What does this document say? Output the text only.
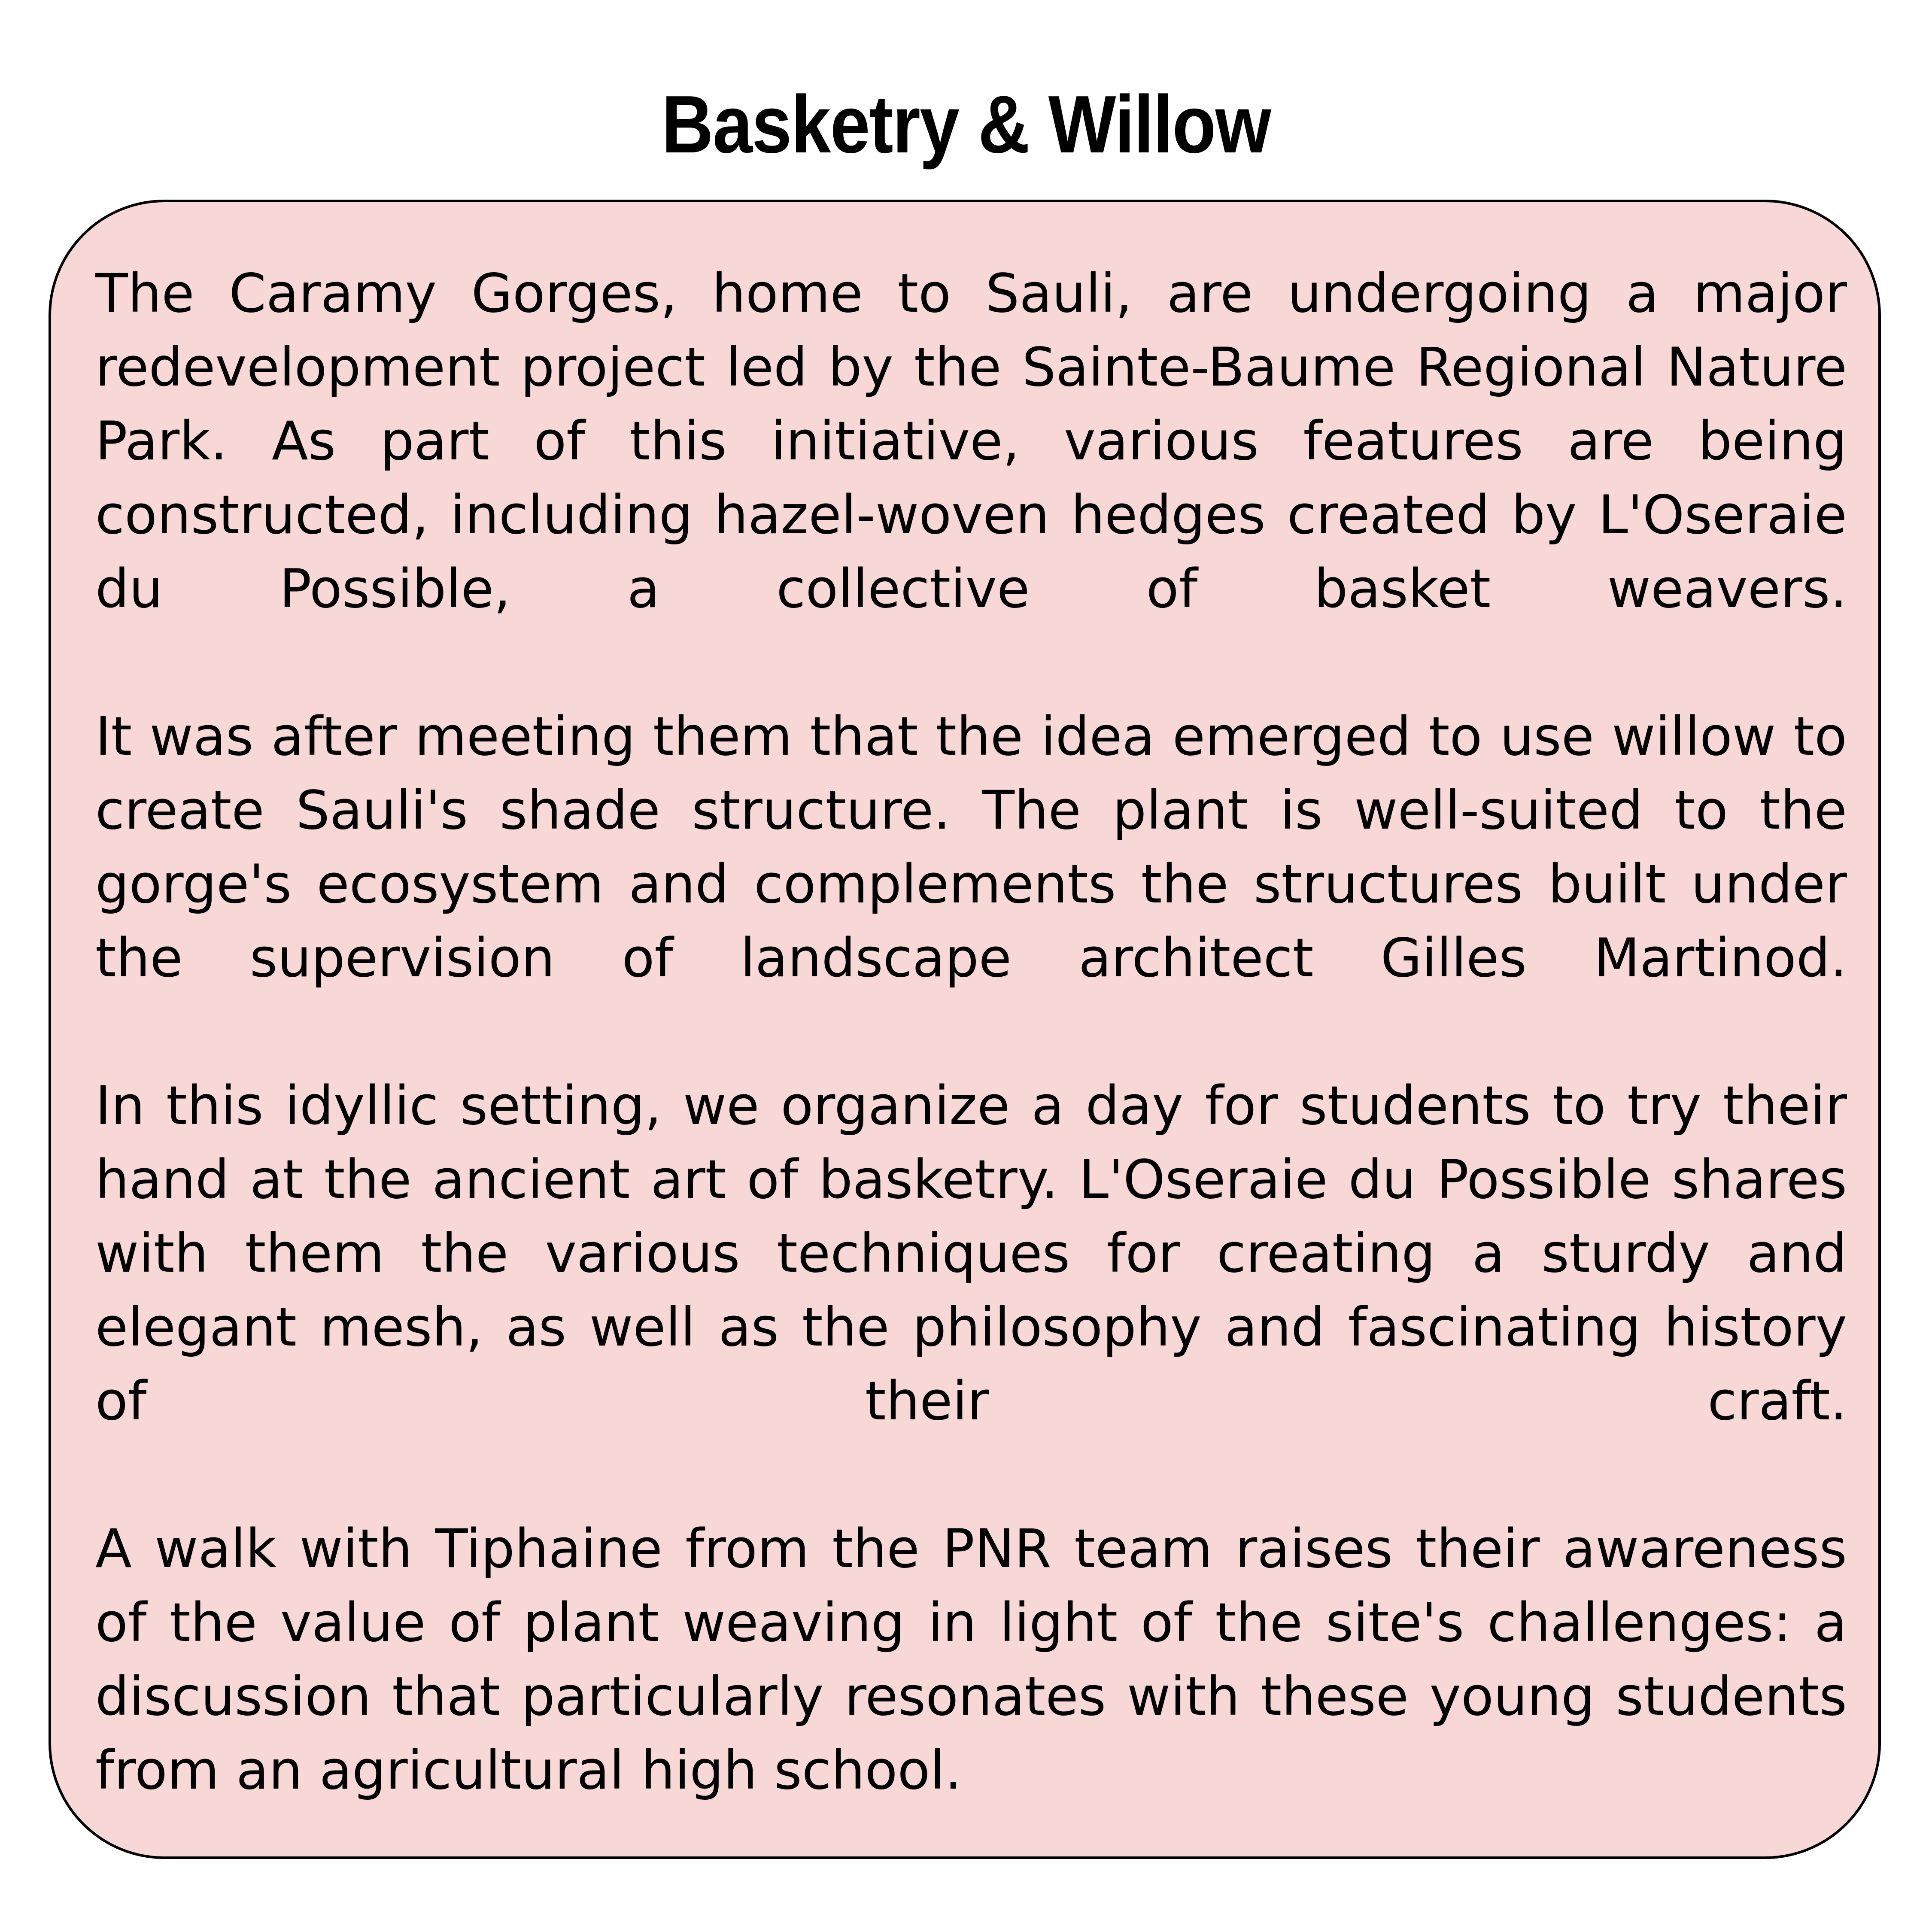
Basketry & Willow

The Caramy Gorges, home to Sauli, are undergoing a major redevelopment project led by the Sainte-Baume Regional Nature Park. As part of this initiative, various features are being constructed, including hazel-woven hedges created by L'Oseraie du Possible, a collective of basket weavers.

It was after meeting them that the idea emerged to use willow to create Sauli's shade structure. The plant is well-suited to the gorge's ecosystem and complements the structures built under the supervision of landscape architect Gilles Martinod.

In this idyllic setting, we organize a day for students to try their hand at the ancient art of basketry. L'Oseraie du Possible shares with them the various techniques for creating a sturdy and elegant mesh, as well as the philosophy and fascinating history of their craft.

A walk with Tiphaine from the PNR team raises their awareness of the value of plant weaving in light of the site's challenges: a discussion that particularly resonates with these young students from an agricultural high school.
